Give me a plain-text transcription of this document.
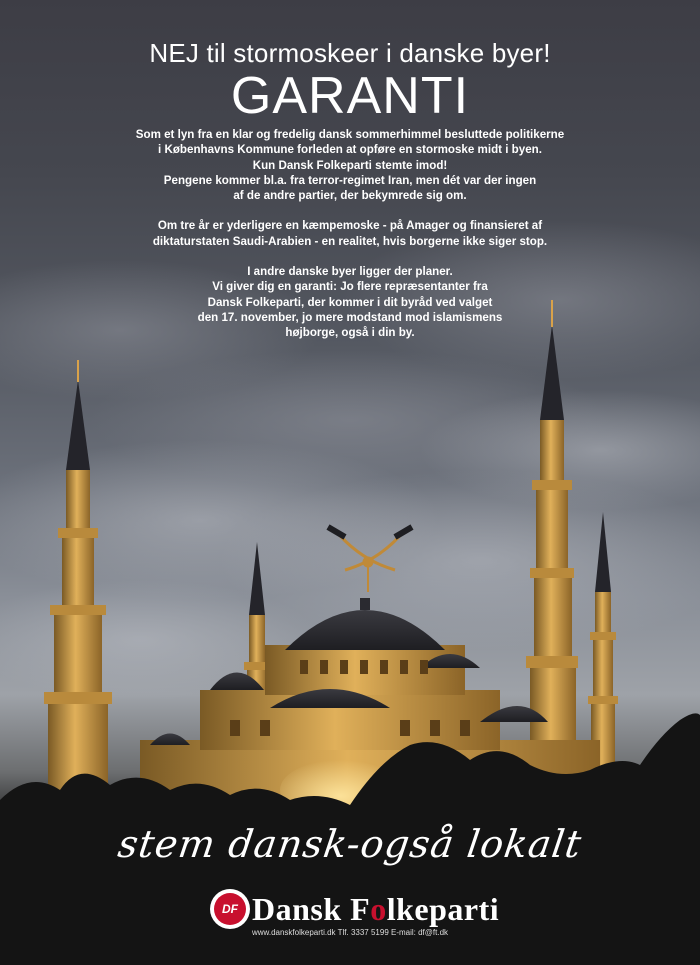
NEJ til stormoskeer i danske byer!
GARANTI

Som et lyn fra en klar og fredelig dansk sommerhimmel besluttede politikerne
i Københavns Kommune forleden at opføre en stormoske midt i byen.
Kun Dansk Folkeparti stemte imod!
Pengene kommer bl.a. fra terror-regimet Iran, men dét var der ingen
af de andre partier, der bekymrede sig om.

Om tre år er yderligere en kæmpemoske - på Amager og finansieret af
diktaturstaten Saudi-Arabien - en realitet, hvis borgerne ikke siger stop.

I andre danske byer ligger der planer.
Vi giver dig en garanti: Jo flere repræsentanter fra
Dansk Folkeparti, der kommer i dit byråd ved valget
den 17. november, jo mere modstand mod islamismens
højborge, også i din by.

stem dansk-også lokalt
DF Dansk Folkeparti
www.danskfolkeparti.dk Tlf. 3337 5199 E-mail: df@ft.dk
